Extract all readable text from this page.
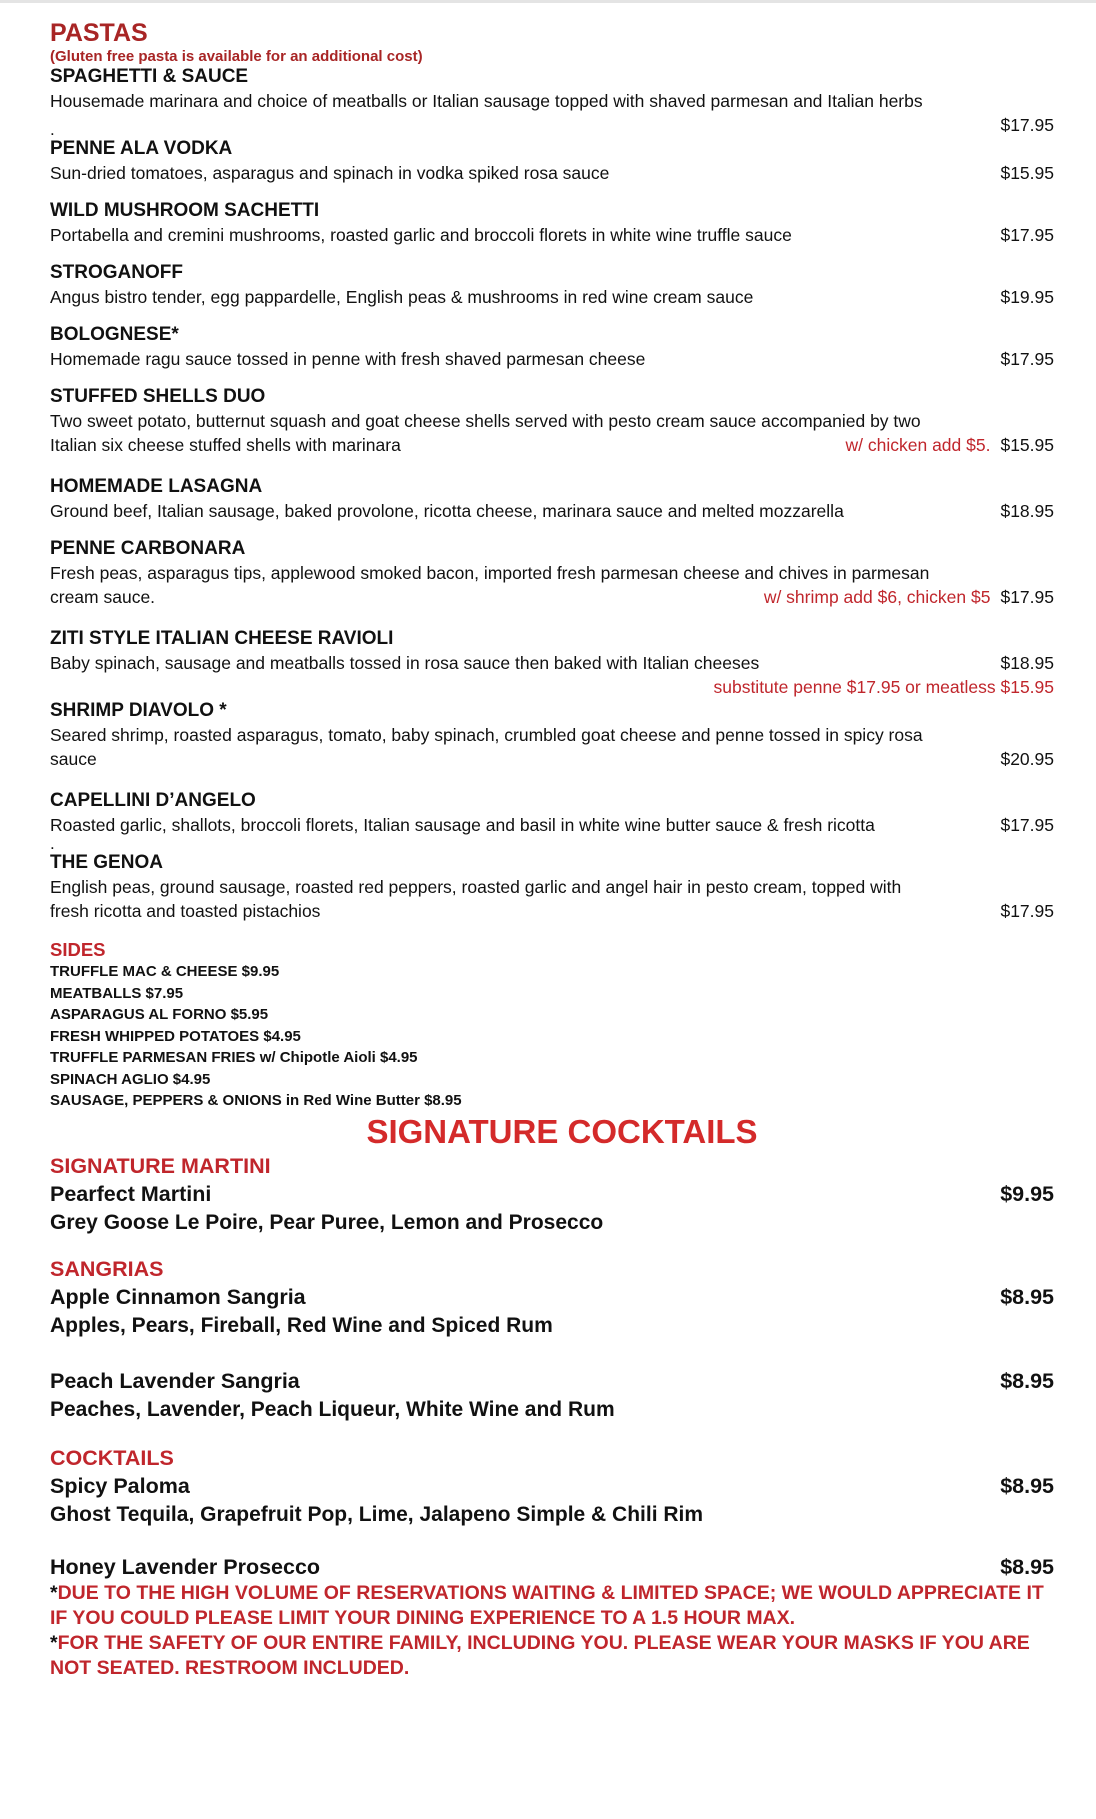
PASTAS
(Gluten free pasta is available for an additional cost)
SPAGHETTI & SAUCE
Housemade marinara and choice of meatballs or Italian sausage topped with shaved parmesan and Italian herbs
.	$17.95
PENNE ALA VODKA
Sun-dried tomatoes, asparagus and spinach in vodka spiked rosa sauce	$15.95
WILD MUSHROOM SACHETTI
Portabella and cremini mushrooms, roasted garlic and broccoli florets in white wine truffle sauce	$17.95
STROGANOFF
Angus bistro tender, egg pappardelle, English peas & mushrooms in red wine cream sauce	$19.95
BOLOGNESE*
Homemade ragu sauce tossed in penne with fresh shaved parmesan cheese	$17.95
STUFFED SHELLS DUO
Two sweet potato, butternut squash and goat cheese shells served with pesto cream sauce accompanied by two
Italian six cheese stuffed shells with marinara	w/ chicken add $5. $15.95
HOMEMADE LASAGNA
Ground beef, Italian sausage, baked provolone, ricotta cheese, marinara sauce and melted mozzarella	$18.95
PENNE CARBONARA
Fresh peas, asparagus tips, applewood smoked bacon, imported fresh parmesan cheese and chives in parmesan
cream sauce.	w/ shrimp add $6, chicken $5 $17.95
ZITI STYLE ITALIAN CHEESE RAVIOLI
Baby spinach, sausage and meatballs tossed in rosa sauce then baked with Italian cheeses	$18.95
substitute penne $17.95 or meatless $15.95
SHRIMP DIAVOLO *
Seared shrimp, roasted asparagus, tomato, baby spinach, crumbled goat cheese and penne tossed in spicy rosa
sauce	$20.95
CAPELLINI D’ANGELO
Roasted garlic, shallots, broccoli florets, Italian sausage and basil in white wine butter sauce & fresh ricotta	$17.95
.
THE GENOA
English peas, ground sausage, roasted red peppers, roasted garlic and angel hair in pesto cream, topped with
fresh ricotta and toasted pistachios	$17.95
SIDES
TRUFFLE MAC & CHEESE $9.95
MEATBALLS $7.95
ASPARAGUS AL FORNO $5.95
FRESH WHIPPED POTATOES $4.95
TRUFFLE PARMESAN FRIES w/ Chipotle Aioli $4.95
SPINACH AGLIO $4.95
SAUSAGE, PEPPERS & ONIONS in Red Wine Butter $8.95
SIGNATURE COCKTAILS
SIGNATURE MARTINI
Pearfect Martini	$9.95
Grey Goose Le Poire, Pear Puree, Lemon and Prosecco
SANGRIAS
Apple Cinnamon Sangria	$8.95
Apples, Pears, Fireball, Red Wine and Spiced Rum
Peach Lavender Sangria	$8.95
Peaches, Lavender, Peach Liqueur, White Wine and Rum
COCKTAILS
Spicy Paloma	$8.95
Ghost Tequila, Grapefruit Pop, Lime, Jalapeno Simple & Chili Rim
Honey Lavender Prosecco	$8.95
*DUE TO THE HIGH VOLUME OF RESERVATIONS WAITING & LIMITED SPACE; WE WOULD APPRECIATE IT IF YOU COULD PLEASE LIMIT YOUR DINING EXPERIENCE TO A 1.5 HOUR MAX.
*FOR THE SAFETY OF OUR ENTIRE FAMILY, INCLUDING YOU. PLEASE WEAR YOUR MASKS IF YOU ARE NOT SEATED. RESTROOM INCLUDED.
